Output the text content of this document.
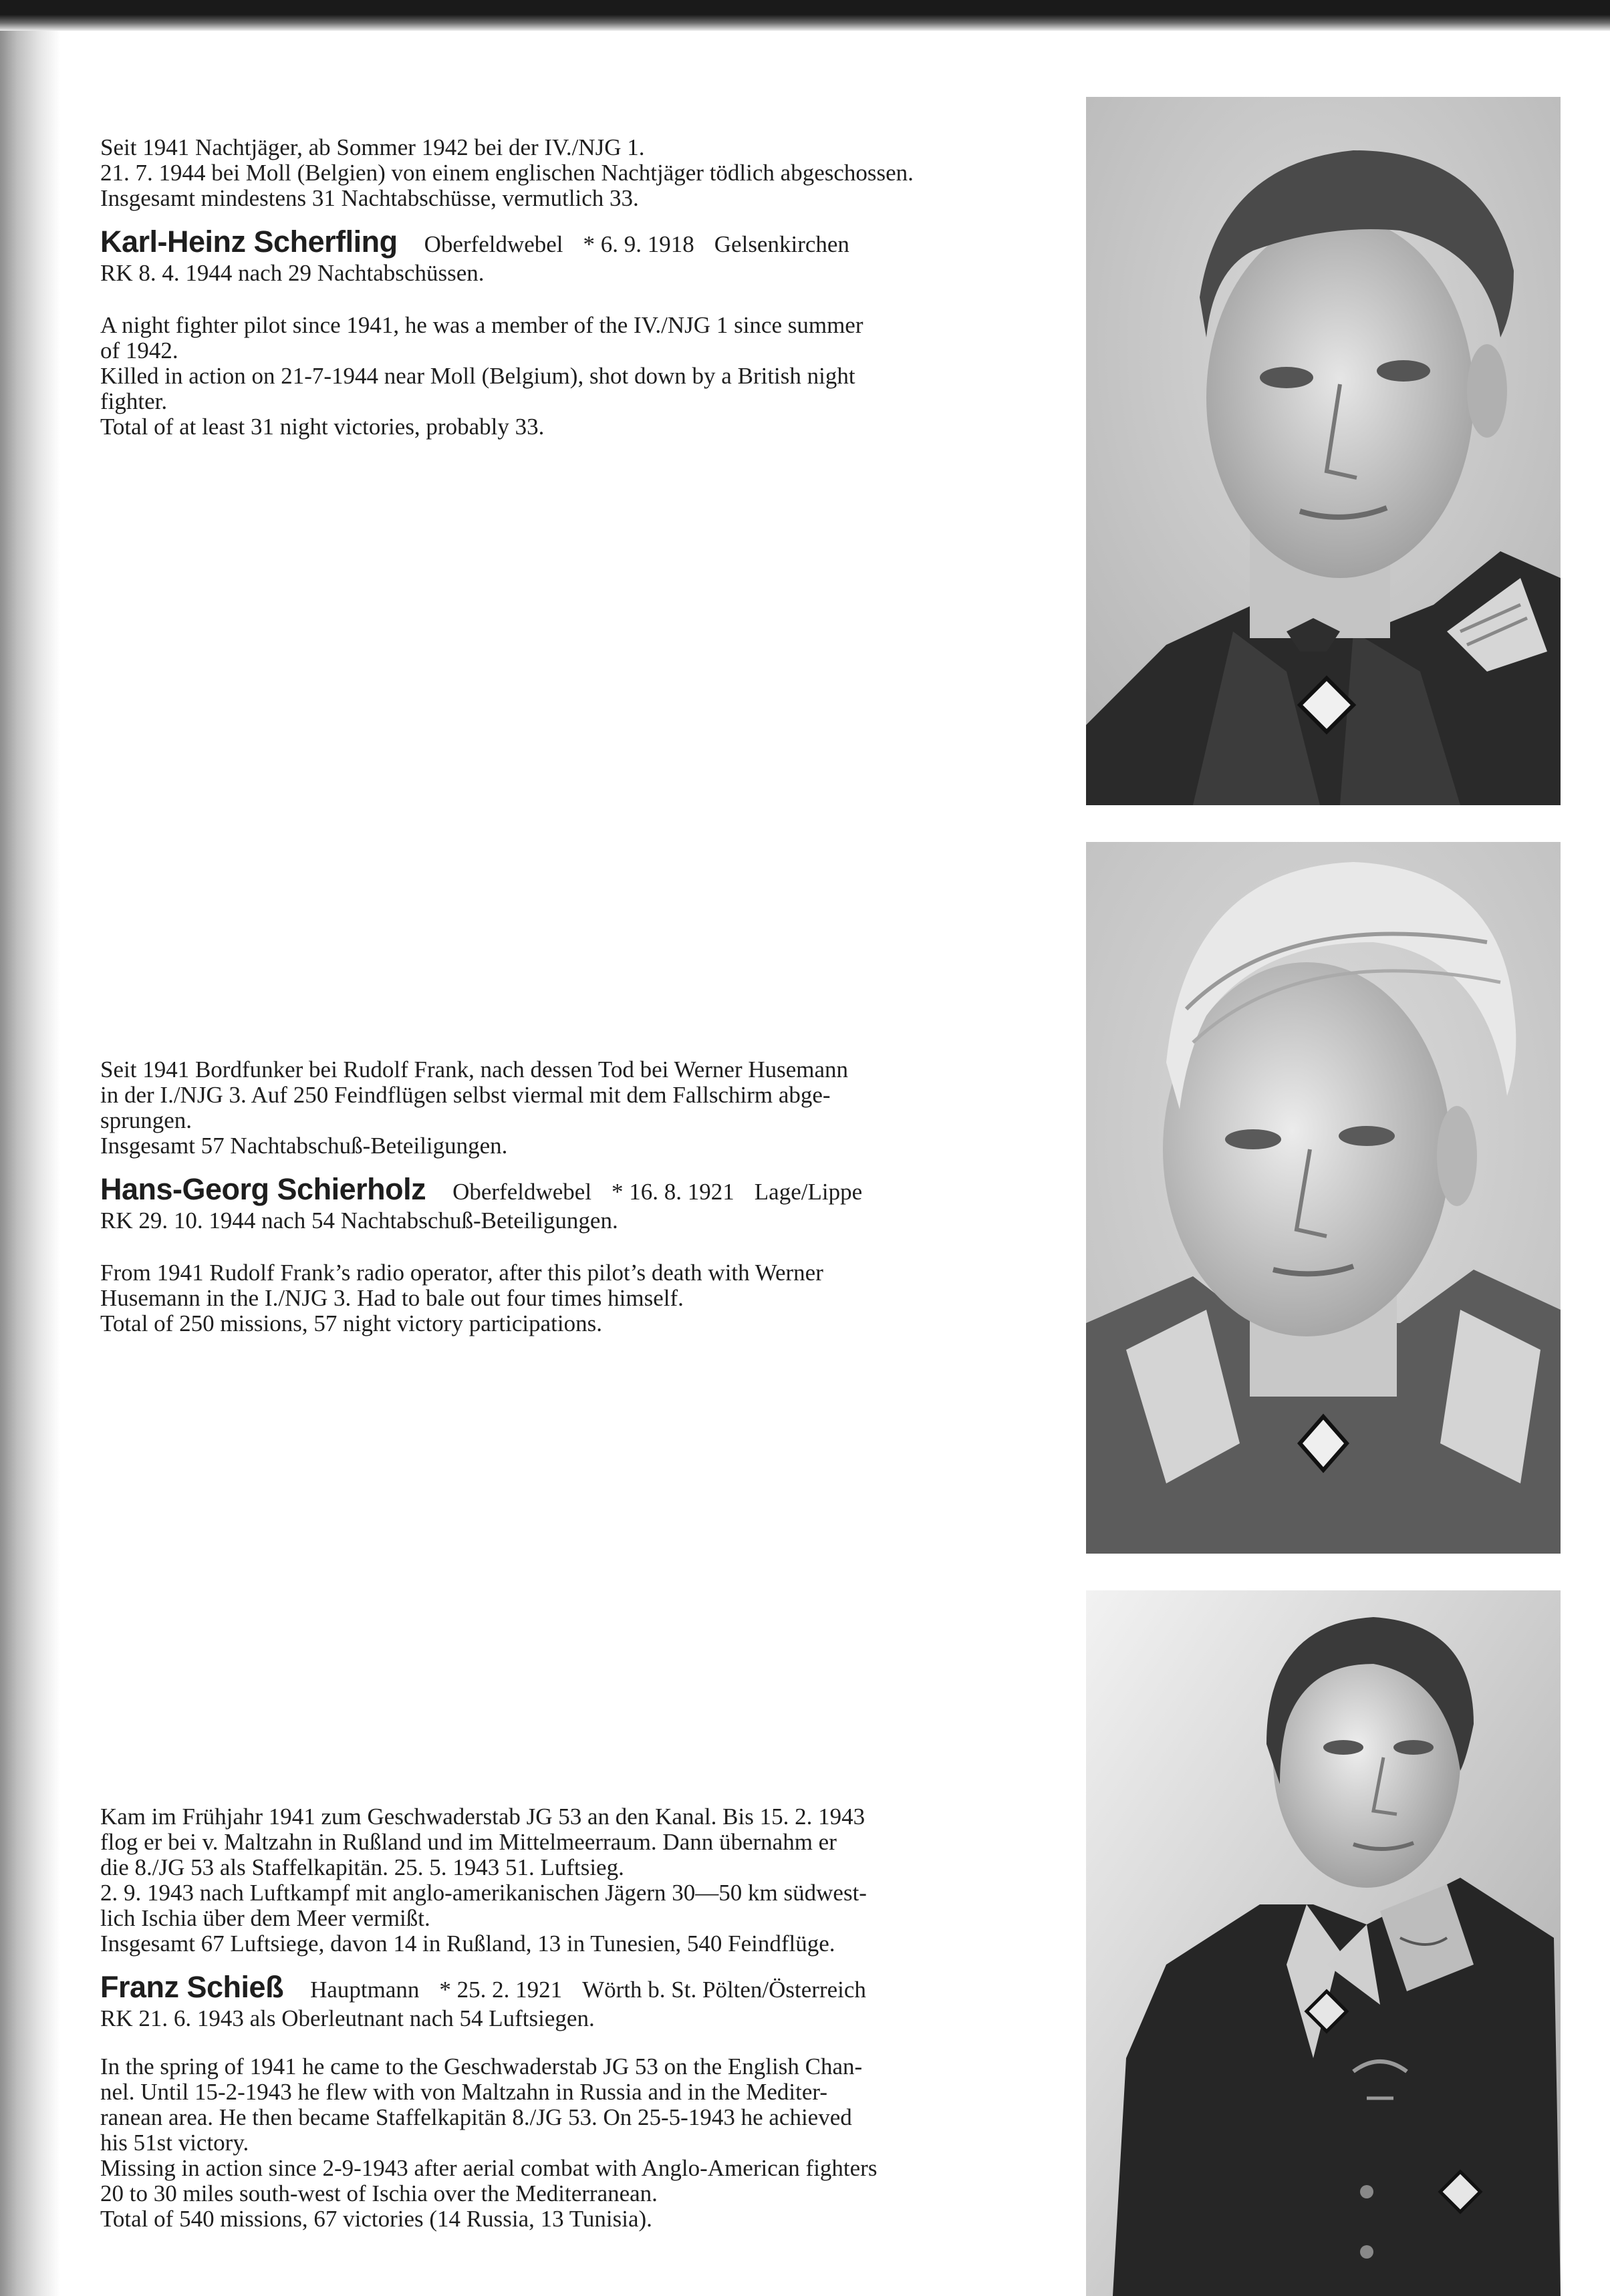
Seit 1941 Nachtjäger, ab Sommer 1942 bei der IV./NJG 1.

21. 7. 1944 bei Moll (Belgien) von einem englischen Nachtjäger tödlich abgeschossen.

Insgesamt mindestens 31 Nachtabschüsse, vermutlich 33.

Karl-Heinz Scherfling Oberfeldwebel * 6. 9. 1918 Gelsenkirchen

RK 8. 4. 1944 nach 29 Nachtabschüssen.

A night fighter pilot since 1941, he was a member of the IV./NJG 1 since summer

of 1942.

Killed in action on 21-7-1944 near Moll (Belgium), shot down by a British night

fighter.

Total of at least 31 night victories, probably 33.

Seit 1941 Bordfunker bei Rudolf Frank, nach dessen Tod bei Werner Husemann

in der I./NJG 3. Auf 250 Feindflügen selbst viermal mit dem Fallschirm abge-

sprungen.

Insgesamt 57 Nachtabschuß-Beteiligungen.

Hans-Georg Schierholz Oberfeldwebel * 16. 8. 1921 Lage/Lippe

RK 29. 10. 1944 nach 54 Nachtabschuß-Beteiligungen.

From 1941 Rudolf Frank’s radio operator, after this pilot’s death with Werner

Husemann in the I./NJG 3. Had to bale out four times himself.

Total of 250 missions, 57 night victory participations.

Kam im Frühjahr 1941 zum Geschwaderstab JG 53 an den Kanal. Bis 15. 2. 1943

flog er bei v. Maltzahn in Rußland und im Mittelmeerraum. Dann übernahm er

die 8./JG 53 als Staffelkapitän. 25. 5. 1943 51. Luftsieg.

2. 9. 1943 nach Luftkampf mit anglo-amerikanischen Jägern 30—50 km südwest-

lich Ischia über dem Meer vermißt.

Insgesamt 67 Luftsiege, davon 14 in Rußland, 13 in Tunesien, 540 Feindflüge.

Franz Schieß Hauptmann * 25. 2. 1921 Wörth b. St. Pölten/Österreich

RK 21. 6. 1943 als Oberleutnant nach 54 Luftsiegen.

In the spring of 1941 he came to the Geschwaderstab JG 53 on the English Chan-

nel. Until 15-2-1943 he flew with von Maltzahn in Russia and in the Mediter-

ranean area. He then became Staffelkapitän 8./JG 53. On 25-5-1943 he achieved

his 51st victory.

Missing in action since 2-9-1943 after aerial combat with Anglo-American fighters

20 to 30 miles south-west of Ischia over the Mediterranean.

Total of 540 missions, 67 victories (14 Russia, 13 Tunisia).
